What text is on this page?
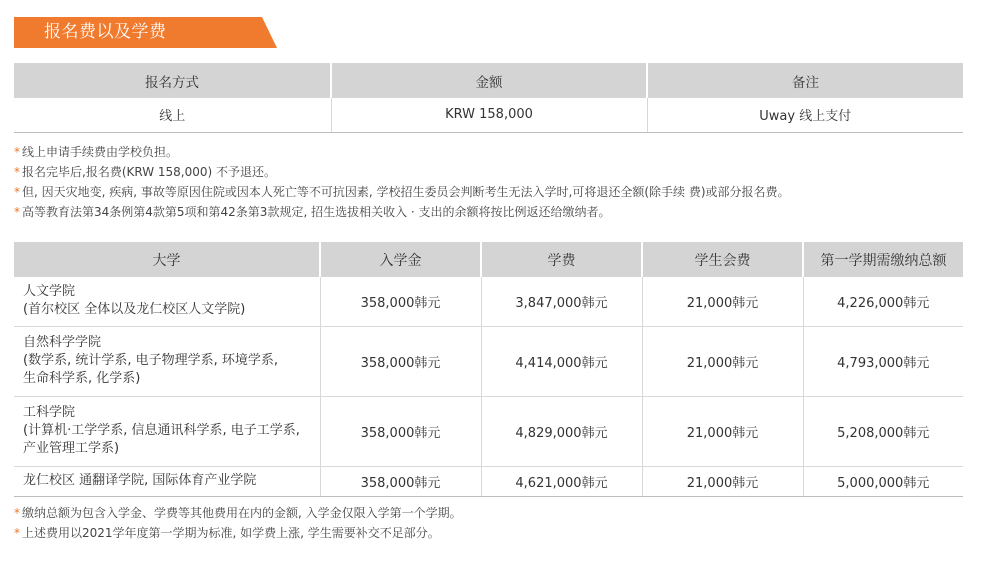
报名费以及学费
报名方式	金额	备注
线上	KRW 158,000	Uway 线上支付
* 线上申请手续费由学校负担。
* 报名完毕后,报名费(KRW 158,000) 不予退还。
* 但, 因天灾地变, 疾病, 事故等原因住院或因本人死亡等不可抗因素, 学校招生委员会判断考生无法入学时,可将退还全额(除手续 费)或部分报名费。
* 高等教育法第34条例第4款第5项和第42条第3款规定, 招生选拔相关收入 · 支出的余额将按比例返还给缴纳者。
大学	入学金	学费	学生会费	第一学期需缴纳总额

人文学院
(首尔校区 全体以及龙仁校区人文学院)	358,000韩元	3,847,000韩元	21,000韩元	4,226,000韩元

自然科学学院
(数学系, 统计学系, 电子物理学系, 环境学系,
生命科学系, 化学系)	358,000韩元	4,414,000韩元	21,000韩元	4,793,000韩元

工科学院
(计算机·工学学系, 信息通讯科学系, 电子工学系,
产业管理工学系)	358,000韩元	4,829,000韩元	21,000韩元	5,208,000韩元

龙仁校区 通翻译学院, 国际体育产业学院	358,000韩元	4,621,000韩元	21,000韩元	5,000,000韩元
* 缴纳总额为包含入学金、学费等其他费用在内的金额, 入学金仅限入学第一个学期。
* 上述费用以2021学年度第一学期为标准, 如学费上涨, 学生需要补交不足部分。
